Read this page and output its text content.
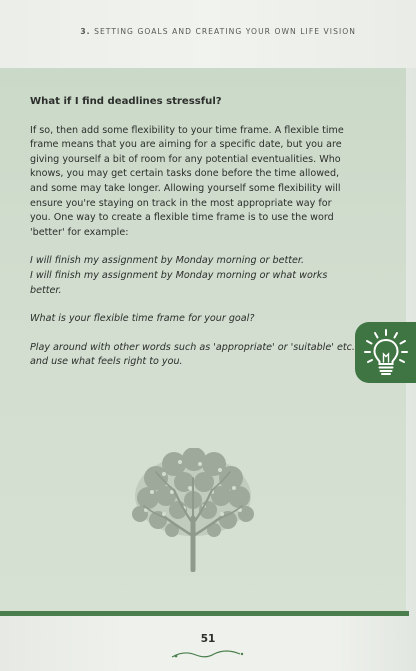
3. SETTING GOALS AND CREATING YOUR OWN LIFE VISION

What if I find deadlines stressful?

If so, then add some flexibility to your time frame. A flexible time frame means that you are aiming for a specific date, but you are giving yourself a bit of room for any potential eventualities. Who knows, you may get certain tasks done before the time allowed, and some may take longer. Allowing yourself some flexibility will ensure you're staying on track in the most appropriate way for you. One way to create a flexible time frame is to use the word 'better' for example:

I will finish my assignment by Monday morning or better.

I will finish my assignment by Monday morning or what works better.

What is your flexible time frame for your goal?

Play around with other words such as 'appropriate' or 'suitable' etc. and use what feels right to you.

51
